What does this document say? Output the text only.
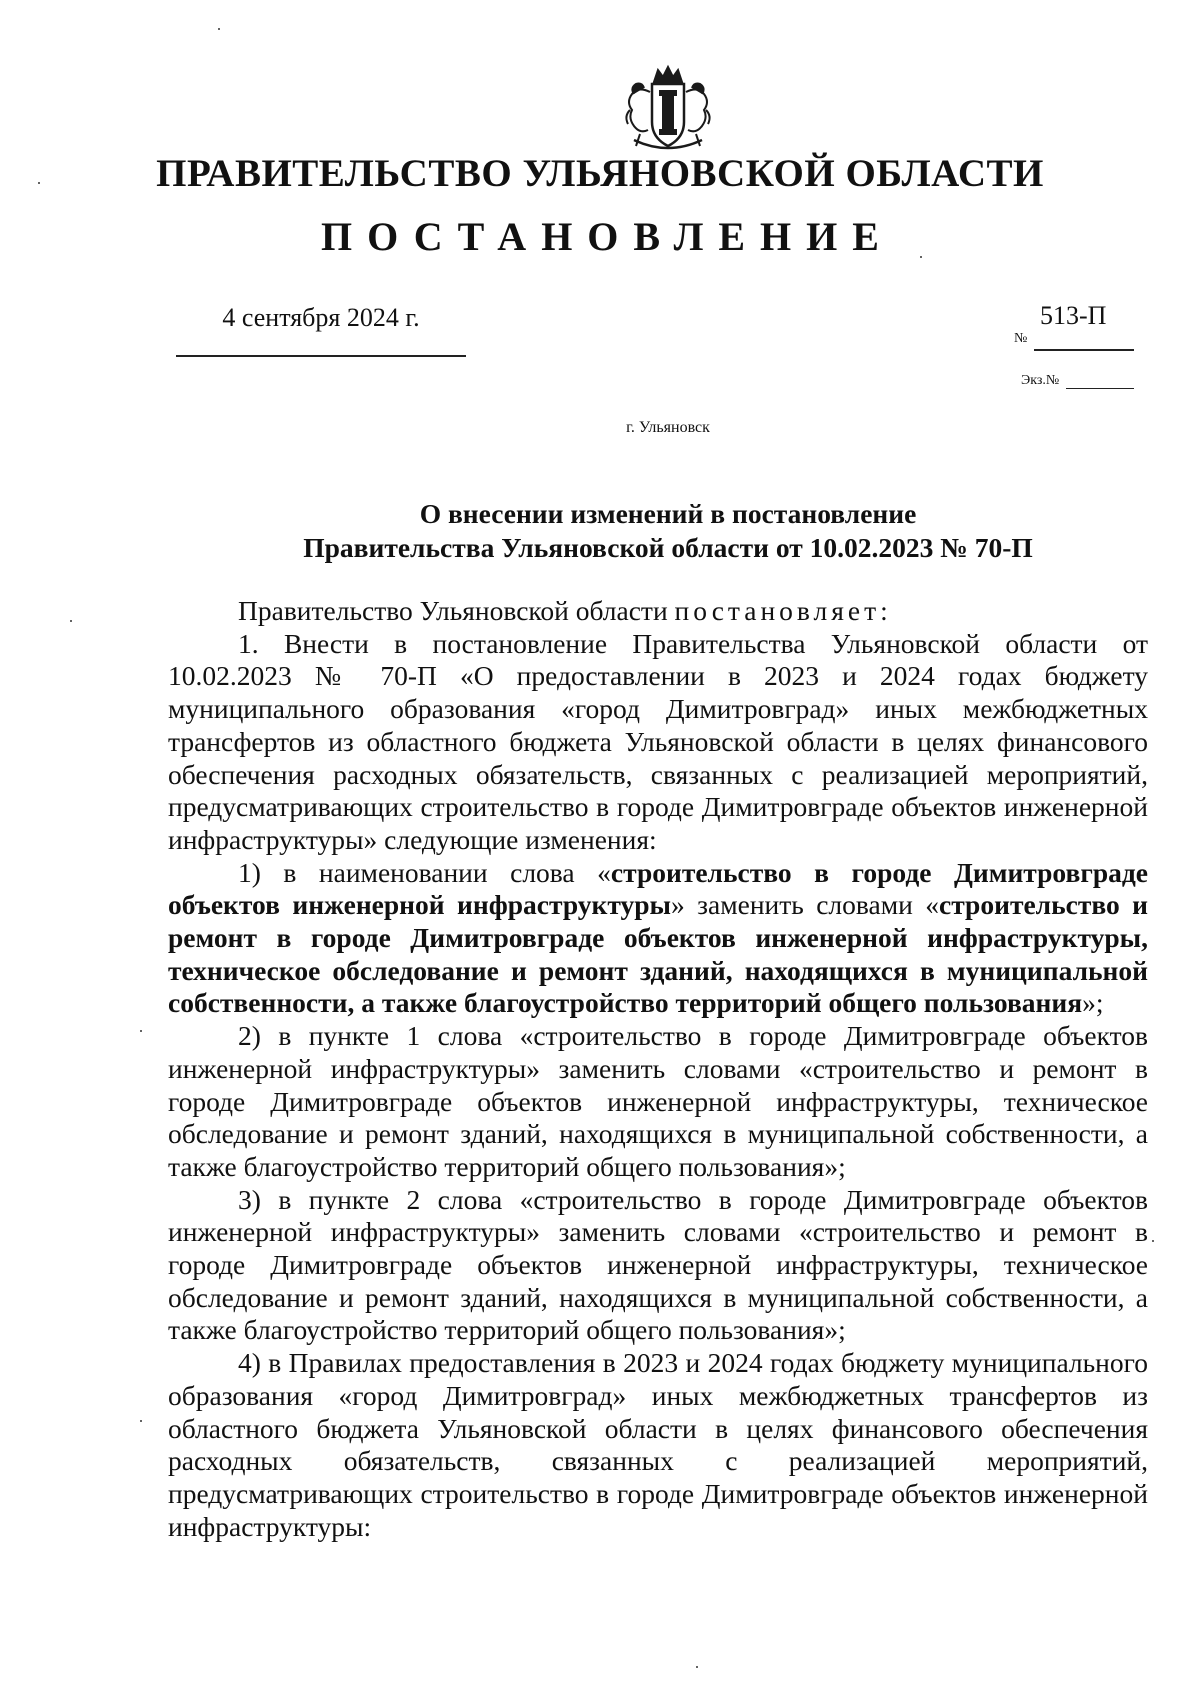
ПРАВИТЕЛЬСТВО УЛЬЯНОВСКОЙ ОБЛАСТИ
ПОСТАНОВЛЕНИЕ
4 сентября 2024 г.	513-П
№
Экз.№
г. Ульяновск
О внесении изменений в постановление
Правительства Ульяновской области от 10.02.2023 № 70-П

Правительство Ульяновской области постановляет:

1. Внести в постановление Правительства Ульяновской области от 10.02.2023 № 70-П «О предоставлении в 2023 и 2024 годах бюджету муниципального образования «город Димитровград» иных межбюджетных трансфертов из областного бюджета Ульяновской области в целях финансового обеспечения расходных обязательств, связанных с реализацией мероприятий, предусматривающих строительство в городе Димитровграде объектов инженерной инфраструктуры» следующие изменения:

1) в наименовании слова «строительство в городе Димитровграде объектов инженерной инфраструктуры» заменить словами «строительство и ремонт в городе Димитровграде объектов инженерной инфраструктуры, техническое обследование и ремонт зданий, находящихся в муниципальной собственности, а также благоустройство территорий общего пользования»;

2) в пункте 1 слова «строительство в городе Димитровграде объектов инженерной инфраструктуры» заменить словами «строительство и ремонт в городе Димитровграде объектов инженерной инфраструктуры, техническое обследование и ремонт зданий, находящихся в муниципальной собственности, а также благоустройство территорий общего пользования»;

3) в пункте 2 слова «строительство в городе Димитровграде объектов инженерной инфраструктуры» заменить словами «строительство и ремонт в городе Димитровграде объектов инженерной инфраструктуры, техническое обследование и ремонт зданий, находящихся в муниципальной собственности, а также благоустройство территорий общего пользования»;

4) в Правилах предоставления в 2023 и 2024 годах бюджету муниципального образования «город Димитровград» иных межбюджетных трансфертов из областного бюджета Ульяновской области в целях финансового обеспечения расходных обязательств, связанных с реализацией мероприятий, предусматривающих строительство в городе Димитровграде объектов инженерной инфраструктуры:
